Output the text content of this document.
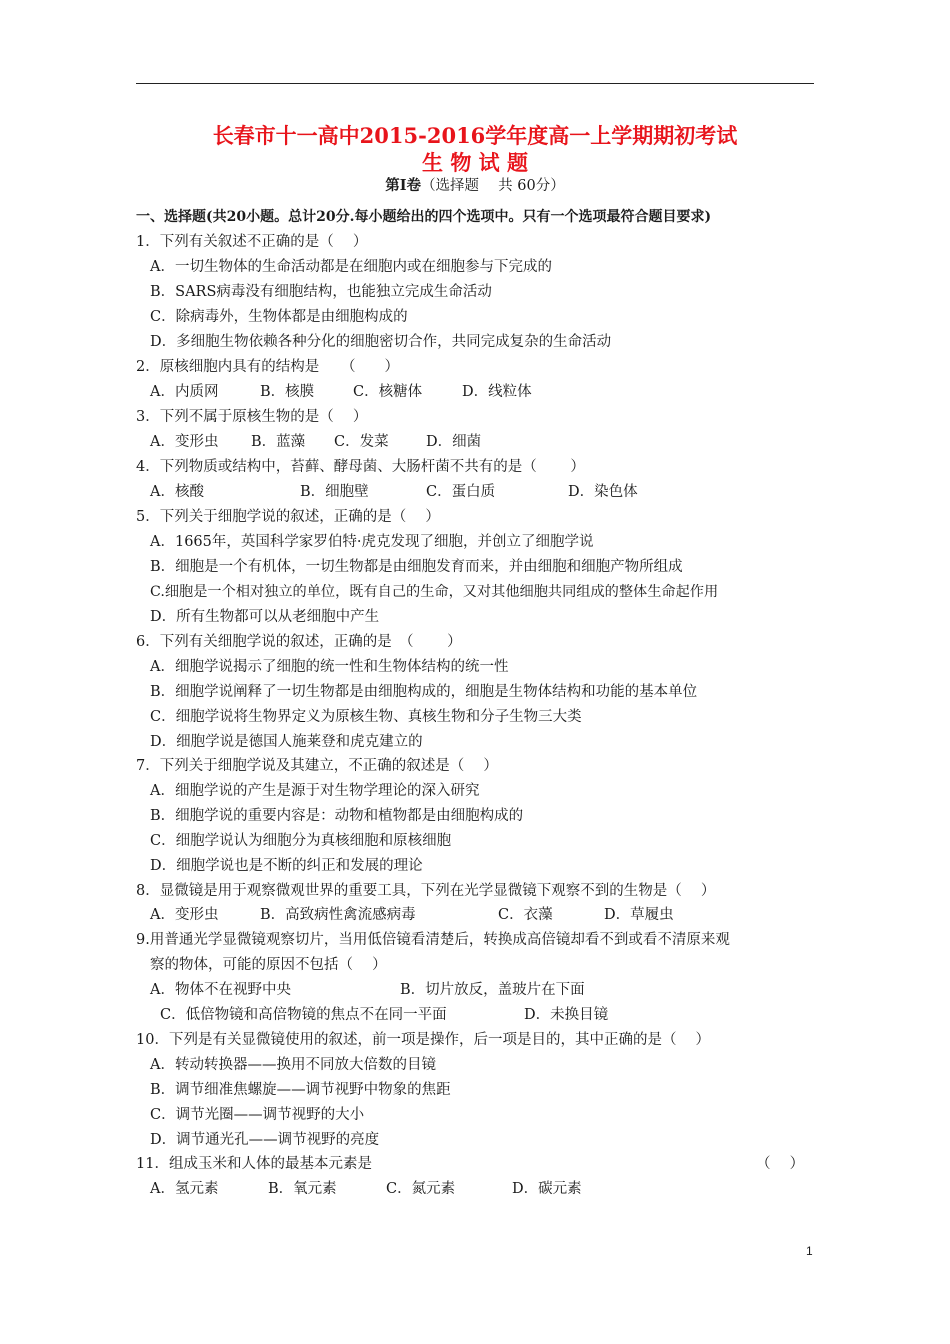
长春市十一高中2015-2016学年度高一上学期期初考试
生 物 试 题
第Ⅰ卷（选择题　 共 60分）
一、选择题(共20小题。总计20分.每小题给出的四个选项中。只有一个选项最符合题目要求)
1．下列有关叙述不正确的是（　 ）
A．一切生物体的生命活动都是在细胞内或在细胞参与下完成的
B．SARS病毒没有细胞结构，也能独立完成生命活动
C．除病毒外，生物体都是由细胞构成的
D．多细胞生物依赖各种分化的细胞密切合作，共同完成复杂的生命活动
2．原核细胞内具有的结构是　　（　　）
A．内质网	B．核膜	C．核糖体	D．线粒体
3．下列不属于原核生物的是（　 ）
A．变形虫 B．蓝藻 C．发菜	D．细菌
4．下列物质或结构中，苔藓、酵母菌、大肠杆菌不共有的是（　　 ）
A．核酸	B．细胞壁	C．蛋白质	D．染色体
5．下列关于细胞学说的叙述，正确的是（　 ）
A．1665年，英国科学家罗伯特·虎克发现了细胞，并创立了细胞学说
B．细胞是一个有机体，一切生物都是由细胞发育而来，并由细胞和细胞产物所组成
C.细胞是一个相对独立的单位，既有自己的生命，又对其他细胞共同组成的整体生命起作用
D．所有生物都可以从老细胞中产生
6．下列有关细胞学说的叙述，正确的是　（　　 ）
A．细胞学说揭示了细胞的统一性和生物体结构的统一性
B．细胞学说阐释了一切生物都是由细胞构成的，细胞是生物体结构和功能的基本单位
C．细胞学说将生物界定义为原核生物、真核生物和分子生物三大类
D．细胞学说是德国人施莱登和虎克建立的
7．下列关于细胞学说及其建立，不正确的叙述是（　 ）
A．细胞学说的产生是源于对生物学理论的深入研究
B．细胞学说的重要内容是：动物和植物都是由细胞构成的
C．细胞学说认为细胞分为真核细胞和原核细胞
D．细胞学说也是不断的纠正和发展的理论
8．显微镜是用于观察微观世界的重要工具，下列在光学显微镜下观察不到的生物是（　 ）
A．变形虫	B．高致病性禽流感病毒	C．衣藻	D．草履虫
9.用普通光学显微镜观察切片，当用低倍镜看清楚后，转换成高倍镜却看不到或看不清原来观
察的物体，可能的原因不包括（　 ）
A．物体不在视野中央	B．切片放反，盖玻片在下面
C．低倍物镜和高倍物镜的焦点不在同一平面	D．未换目镜
10．下列是有关显微镜使用的叙述，前一项是操作，后一项是目的，其中正确的是（　 ）
A．转动转换器——换用不同放大倍数的目镜
B．调节细准焦螺旋——调节视野中物象的焦距
C．调节光圈——调节视野的大小
D．调节通光孔——调节视野的亮度
11．组成玉米和人体的最基本元素是	（　 ）
A．氢元素	B．氧元素	C．氮元素	D．碳元素
1
